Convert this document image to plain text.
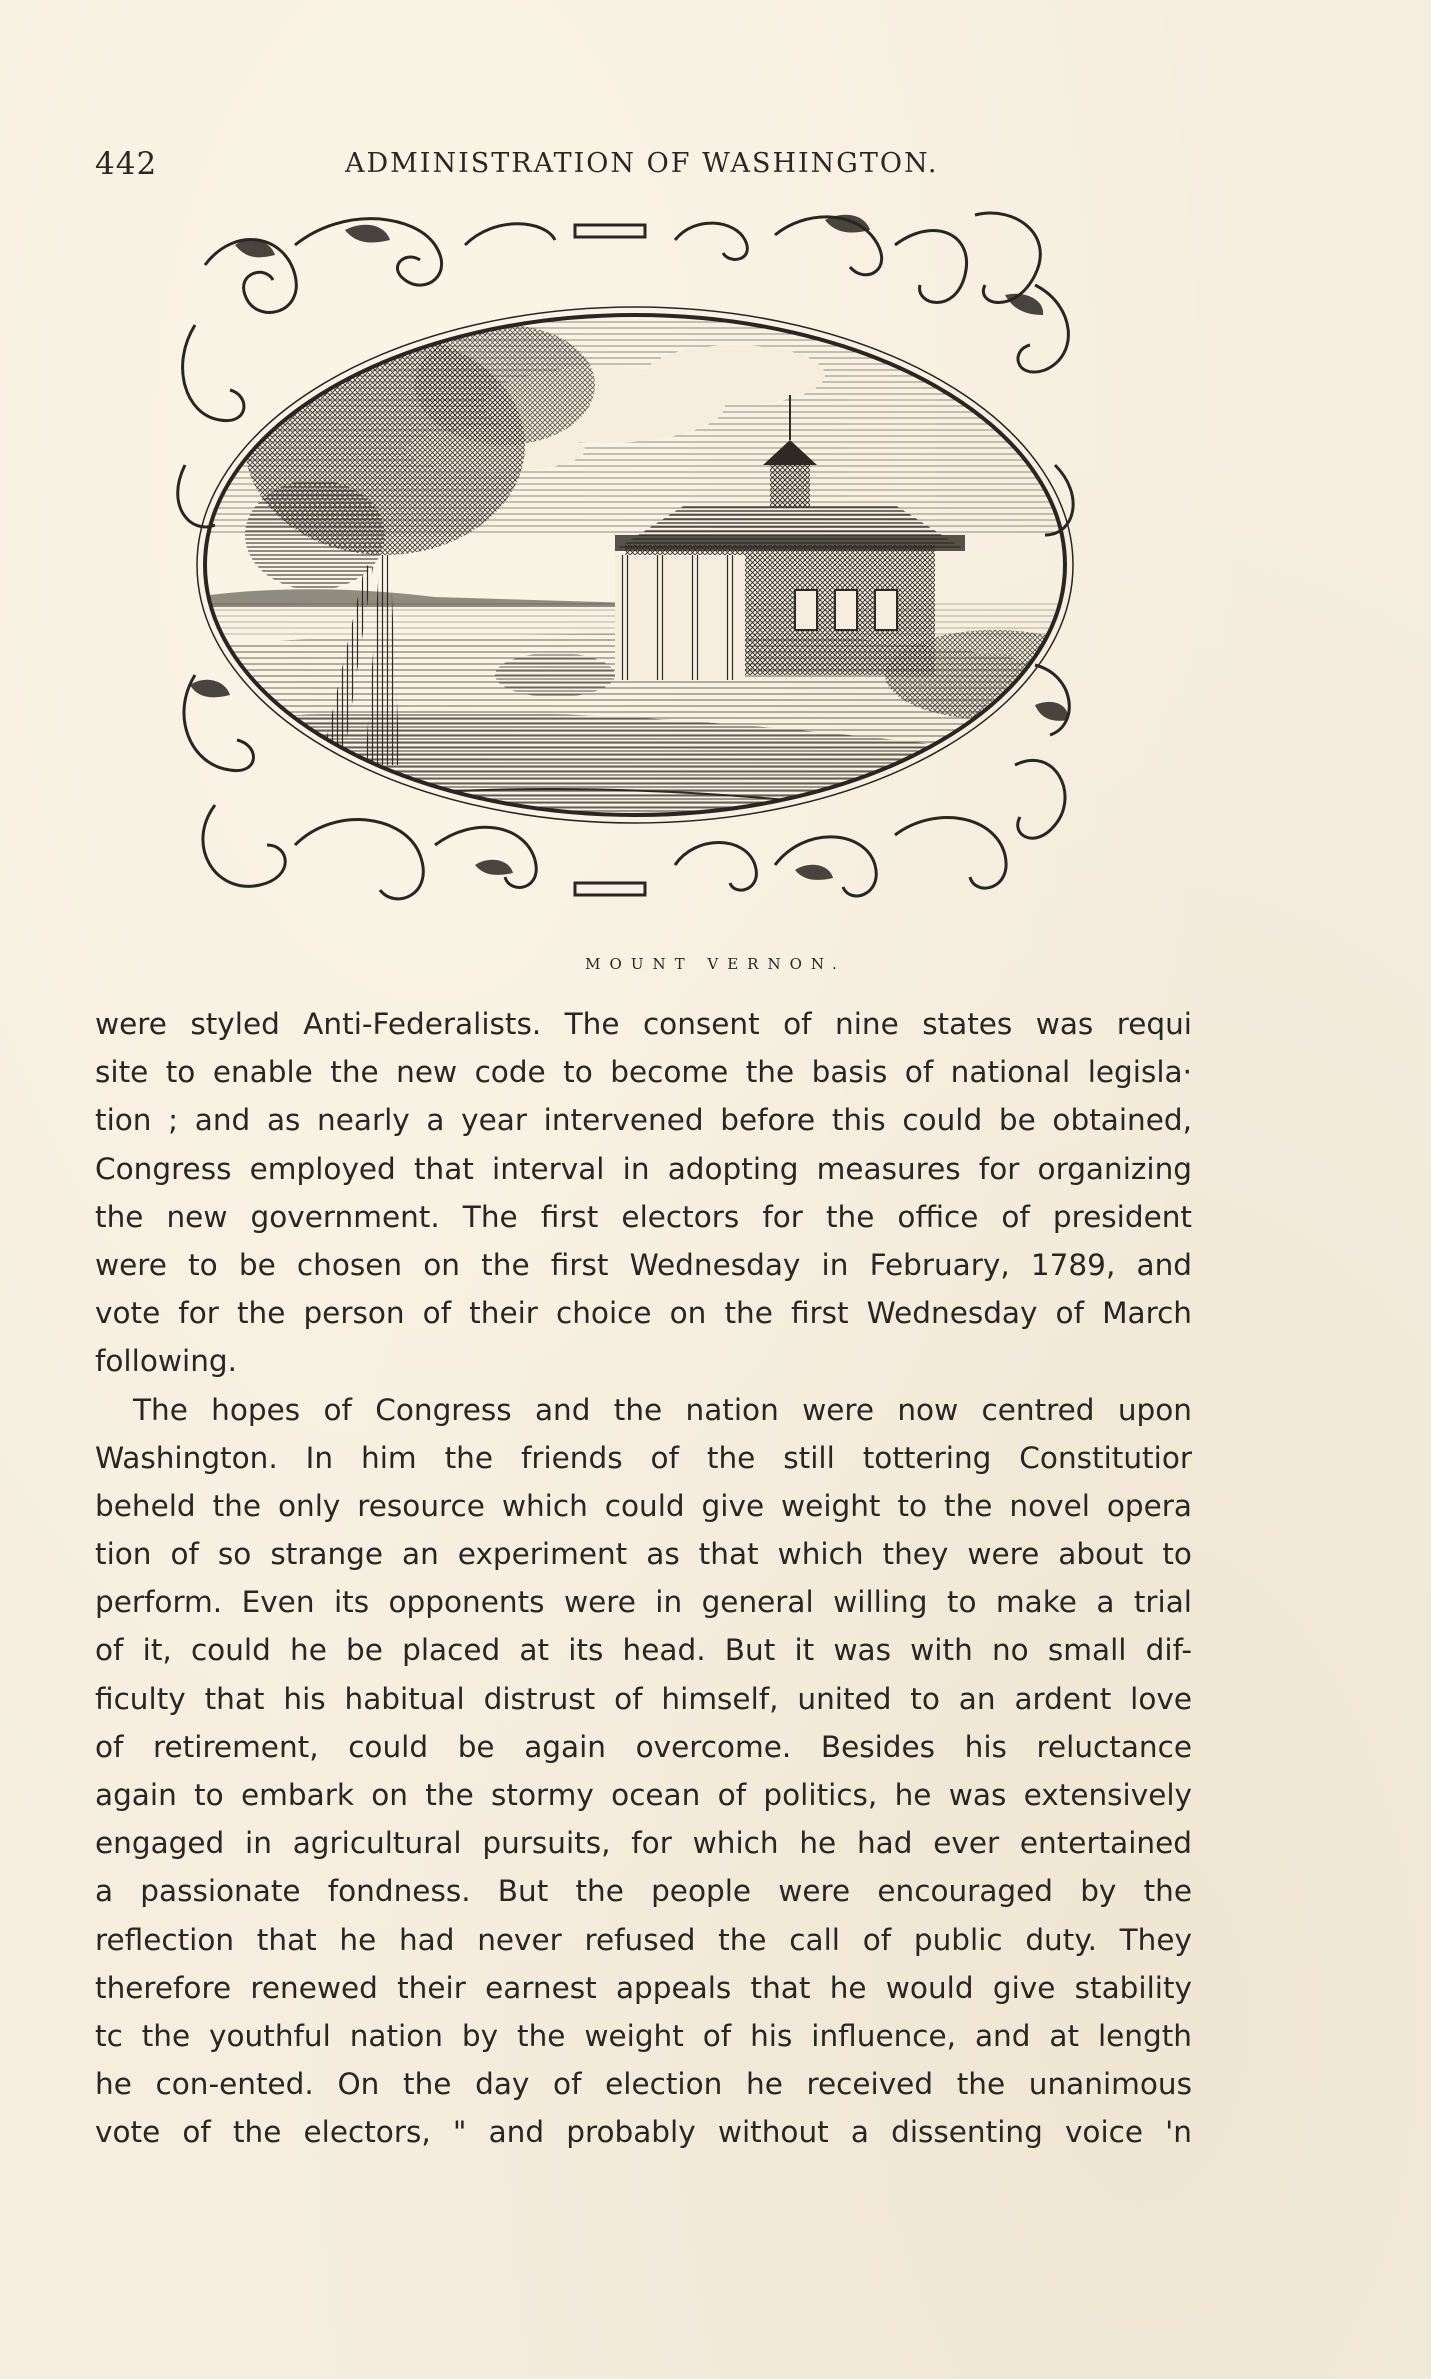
442	ADMINISTRATION OF WASHINGTON.
MOUNT VERNON.
were styled Anti-Federalists. The consent of nine states was requi
site to enable the new code to become the basis of national legisla·
tion ; and as nearly a year intervened before this could be obtained,
Congress employed that interval in adopting measures for organizing
the new government. The first electors for the office of president
were to be chosen on the first Wednesday in February, 1789, and
vote for the person of their choice on the first Wednesday of March
following.
The hopes of Congress and the nation were now centred upon
Washington. In him the friends of the still tottering Constitutior
beheld the only resource which could give weight to the novel opera
tion of so strange an experiment as that which they were about to
perform. Even its opponents were in general willing to make a trial
of it, could he be placed at its head. But it was with no small dif-
ficulty that his habitual distrust of himself, united to an ardent love
of retirement, could be again overcome. Besides his reluctance
again to embark on the stormy ocean of politics, he was extensively
engaged in agricultural pursuits, for which he had ever entertained
a passionate fondness. But the people were encouraged by the
reflection that he had never refused the call of public duty. They
therefore renewed their earnest appeals that he would give stability
tc the youthful nation by the weight of his influence, and at length
he con-ented. On the day of election he received the unanimous
vote of the electors, " and probably without a dissenting voice 'n
